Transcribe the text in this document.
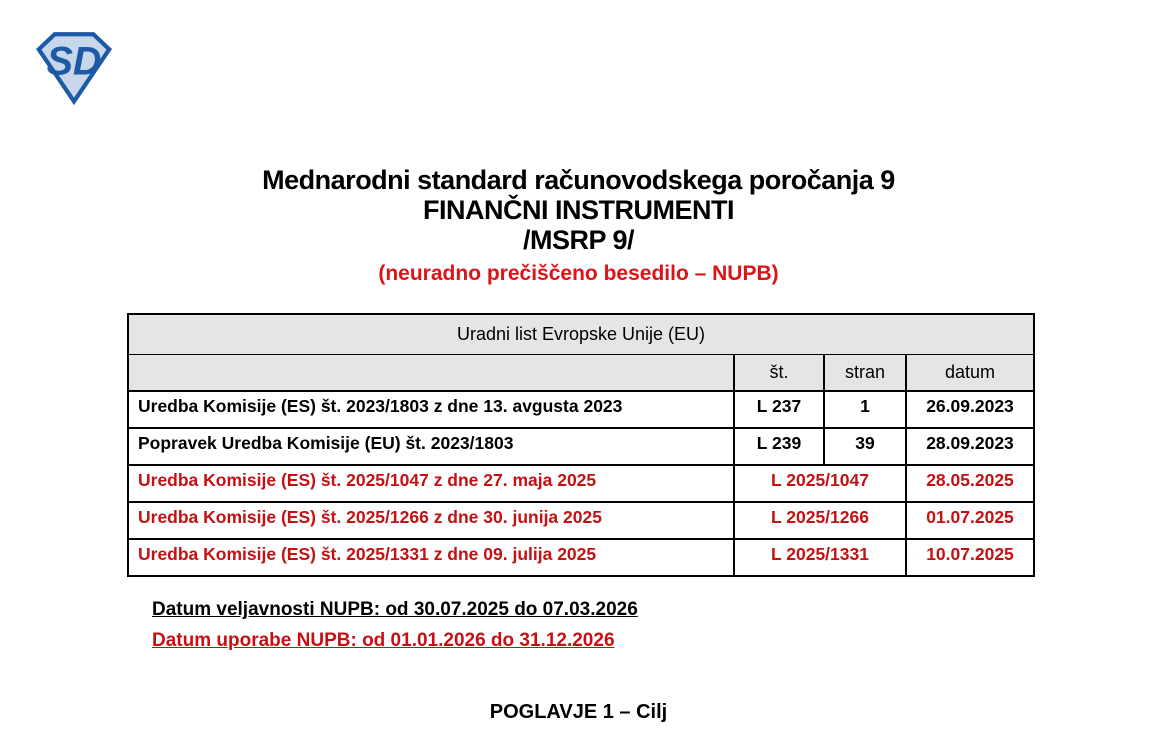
SD
Mednarodni standard računovodskega poročanja 9
FINANČNI INSTRUMENTI
/MSRP 9/
(neuradno prečiščeno besedilo – NUPB)
Uradni list Evropske Unije (EU)			
	št.	stran	datum
Uredba Komisije (ES) št. 2023/1803 z dne 13. avgusta 2023	L 237	1	26.09.2023
Popravek Uredba Komisije (EU) št. 2023/1803	L 239	39	28.09.2023
Uredba Komisije (ES) št. 2025/1047 z dne 27. maja 2025	L 2025/1047		28.05.2025
Uredba Komisije (ES) št. 2025/1266 z dne 30. junija 2025	L 2025/1266		01.07.2025
Uredba Komisije (ES) št. 2025/1331 z dne 09. julija 2025	L 2025/1331		10.07.2025
Datum veljavnosti NUPB: od 30.07.2025 do 07.03.2026
Datum uporabe NUPB: od 01.01.2026 do 31.12.2026
POGLAVJE 1 – Cilj
